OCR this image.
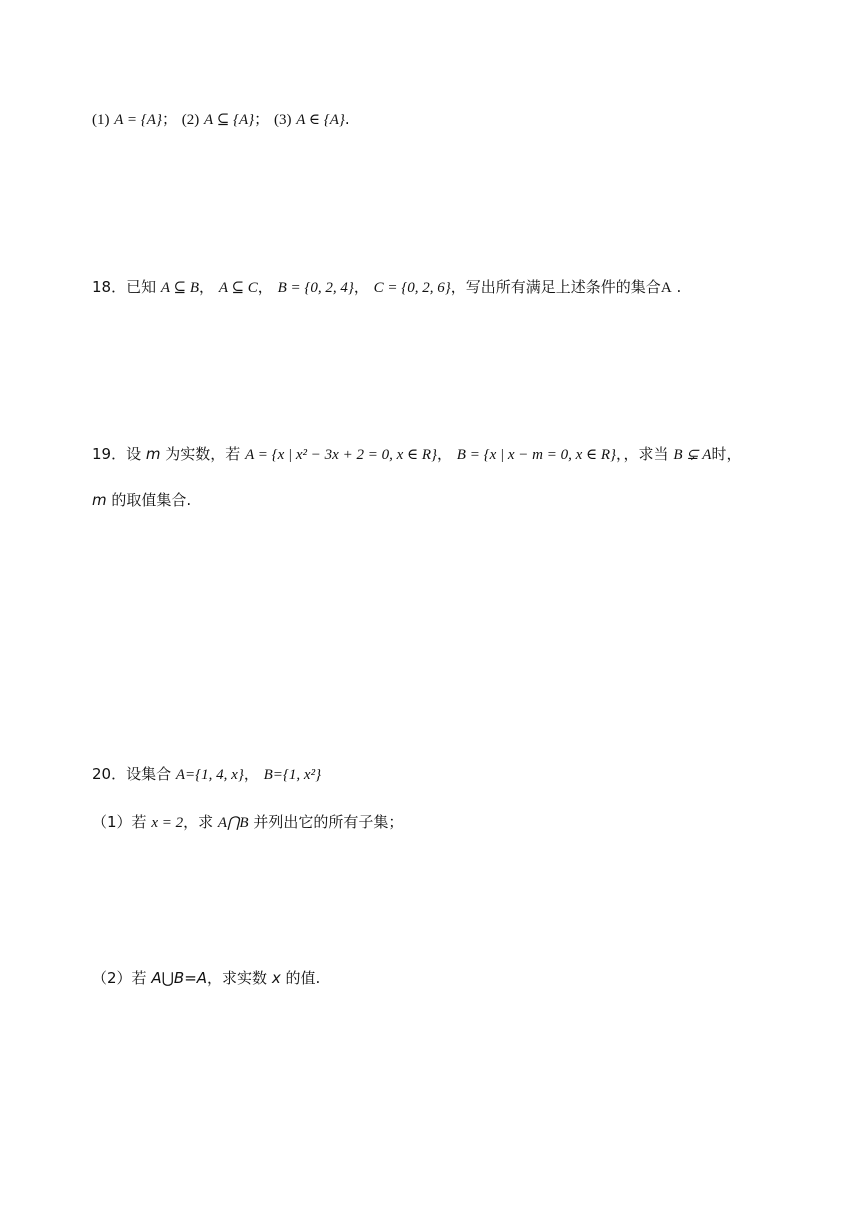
(1) A = {A}； (2) A ⊆ {A}； (3) A ∈ {A}.
18．已知 A ⊆ B， A ⊆ C， B = {0, 2, 4}， C = {0, 2, 6}，写出所有满足上述条件的集合A .
19．设 m 为实数，若 A = {x | x² − 3x + 2 = 0, x ∈ R}， B = {x | x − m = 0, x ∈ R}，，求当 B ⊊ A时，
m 的取值集合.
20．设集合 A={1, 4, x}， B={1, x²}
（1）若 x = 2，求 A⋂B 并列出它的所有子集；
（2）若 A⋃B=A，求实数 x 的值.
